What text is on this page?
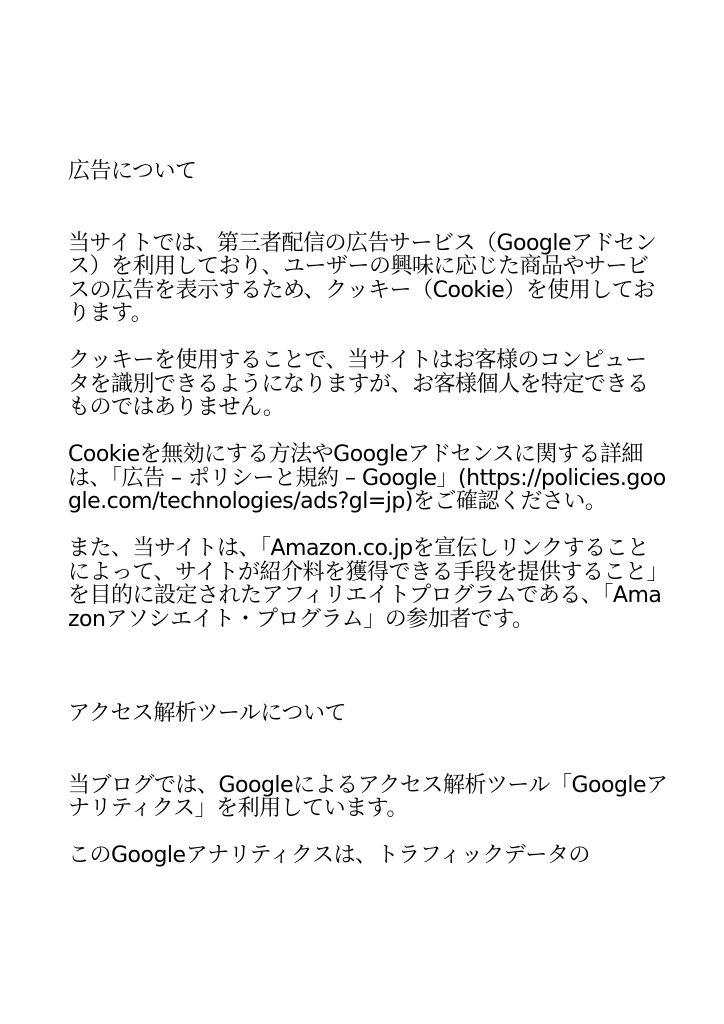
広告について

当サイトでは、第三者配信の広告サービス（Googleアドセンス）を利用しており、ユーザーの興味に応じた商品やサービスの広告を表示するため、クッキー（Cookie）を使用しております。

クッキーを使用することで、当サイトはお客様のコンピュータを識別できるようになりますが、お客様個人を特定できるものではありません。

Cookieを無効にする方法やGoogleアドセンスに関する詳細は、「広告 – ポリシーと規約 – Google」(https://policies.google.com/technologies/ads?gl=jp)をご確認ください。

また、当サイトは、「Amazon.co.jpを宣伝しリンクすることによって、サイトが紹介料を獲得できる手段を提供すること」を目的に設定されたアフィリエイトプログラムである、「Amazonアソシエイト・プログラム」の参加者です。

アクセス解析ツールについて

当ブログでは、Googleによるアクセス解析ツール「Googleアナリティクス」を利用しています。

このGoogleアナリティクスは、トラフィックデータの
